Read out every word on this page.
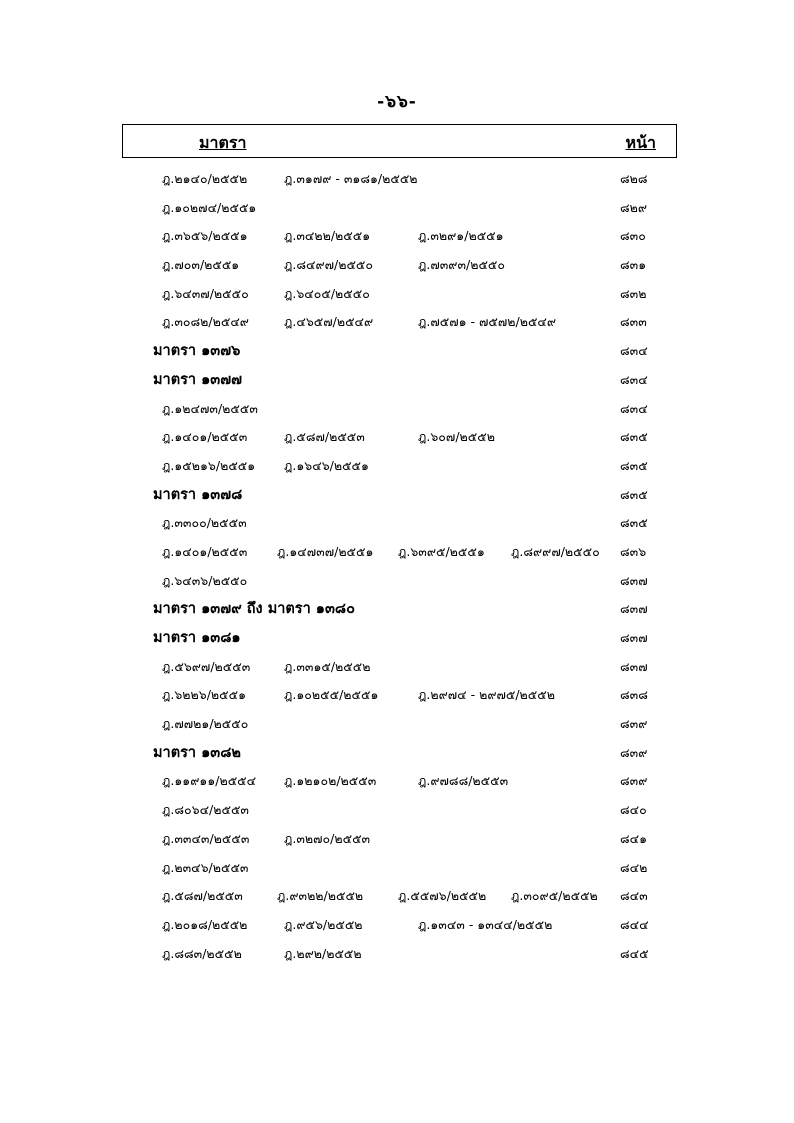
-๖๖-
มาตรา	หน้า
ฎ.๒๑๔๐/๒๕๕๒	ฎ.๓๑๗๙ - ๓๑๘๑/๒๕๕๒	๘๒๘
ฎ.๑๐๒๗๔/๒๕๕๑	๘๒๙
ฎ.๓๖๕๖/๒๕๕๑	ฎ.๓๔๒๒/๒๕๕๑	ฎ.๓๒๙๑/๒๕๕๑	๘๓๐
ฎ.๗๐๓/๒๕๕๑	ฎ.๘๔๙๗/๒๕๕๐	ฎ.๗๓๙๓/๒๕๕๐	๘๓๑
ฎ.๖๔๓๗/๒๕๕๐	ฎ.๖๔๐๕/๒๕๕๐	๘๓๒
ฎ.๓๐๘๒/๒๕๔๙	ฎ.๔๖๕๗/๒๕๔๙	ฎ.๗๕๗๑ - ๗๕๗๒/๒๕๔๙	๘๓๓
มาตรา ๑๓๗๖	๘๓๔
มาตรา ๑๓๗๗	๘๓๔
ฎ.๑๒๔๗๓/๒๕๕๓	๘๓๔
ฎ.๑๔๐๑/๒๕๕๓	ฎ.๕๘๗/๒๕๕๓	ฎ.๖๐๗/๒๕๕๒	๘๓๕
ฎ.๑๕๒๑๖/๒๕๕๑ ฎ.๑๖๔๖/๒๕๕๑	๘๓๕
มาตรา ๑๓๗๘	๘๓๕
ฎ.๓๓๐๐/๒๕๕๓	๘๓๕
ฎ.๑๔๐๑/๒๕๕๓ ฎ.๑๔๗๓๗/๒๕๕๑ ฎ.๖๓๙๕/๒๕๕๑ ฎ.๘๙๙๗/๒๕๕๐ ๘๓๖
ฎ.๖๔๓๖/๒๕๕๐	๘๓๗
มาตรา ๑๓๗๙ ถึง มาตรา ๑๓๘๐	๘๓๗
มาตรา ๑๓๘๑	๘๓๗
ฎ.๕๖๙๗/๒๕๕๓	ฎ.๓๓๑๕/๒๕๕๒	๘๓๗
ฎ.๖๒๒๖/๒๕๕๑	ฎ.๑๐๒๕๕/๒๕๕๑	ฎ.๒๙๗๔ - ๒๙๗๕/๒๕๕๒	๘๓๘
ฎ.๗๗๒๑/๒๕๕๐	๘๓๙
มาตรา ๑๓๘๒	๘๓๙
ฎ.๑๑๙๑๑/๒๕๕๔ ฎ.๑๒๑๐๒/๒๕๕๓	ฎ.๙๗๘๘/๒๕๕๓	๘๓๙
ฎ.๘๐๖๔/๒๕๕๓	๘๔๐
ฎ.๓๓๔๓/๒๕๕๓	ฎ.๓๒๗๐/๒๕๕๓	๘๔๑
ฎ.๒๓๔๖/๒๕๕๓	๘๔๒
ฎ.๕๘๗/๒๕๕๓	ฎ.๙๓๒๒/๒๕๕๒	ฎ.๕๕๗๖/๒๕๕๒ ฎ.๓๐๙๕/๒๕๕๒ ๘๔๓
ฎ.๒๐๑๘/๒๕๕๒	ฎ.๙๕๖/๒๕๕๒	ฎ.๑๓๔๓ - ๑๓๔๔/๒๕๕๒	๘๔๔
ฎ.๘๘๓/๒๕๕๒	ฎ.๒๙๒/๒๕๕๒	๘๔๕
